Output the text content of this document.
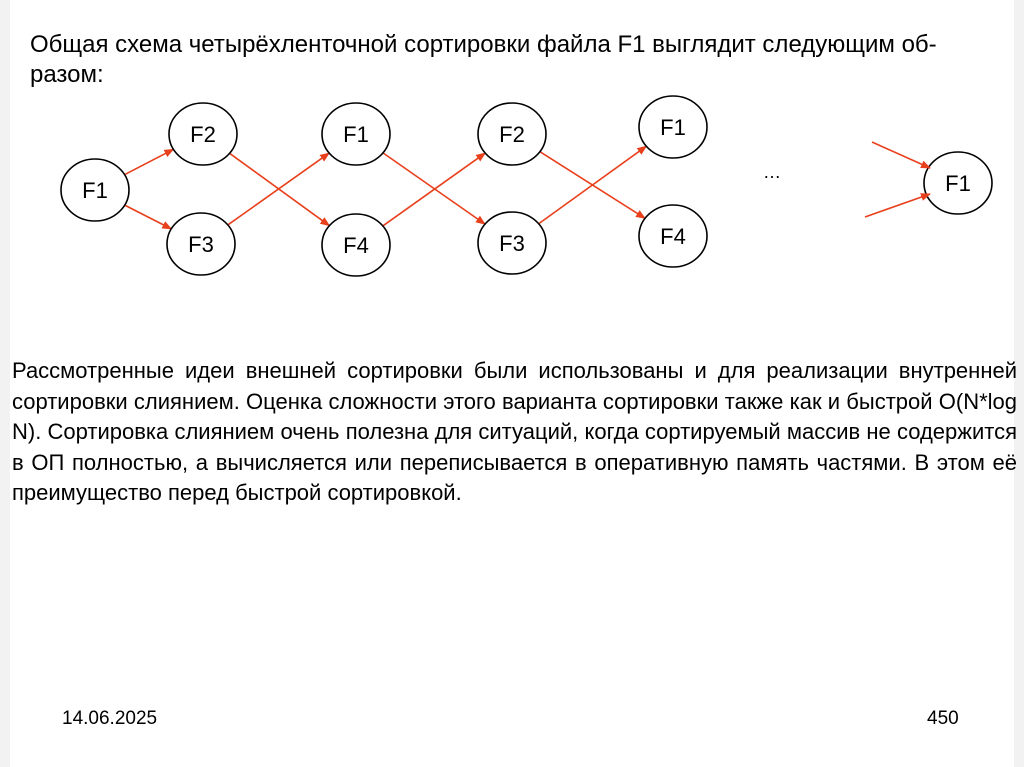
Общая схема четырёхленточной сортировки файла F1 выглядит следующим об-разом:

F1
F2
F3
F1
F4
F2
F3
F1
F4
F1
…

Рассмотренные идеи внешней сортировки были использованы и для реализации внутренней сортировки слиянием. Оценка сложности этого варианта сортировки также как и быстрой O(N*log N). Сортировка слиянием очень полезна для ситуаций, когда сортируемый массив не содержится в ОП полностью, а вычисляется или переписывается в оперативную память частями. В этом её преимущество перед быстрой сортировкой.

14.06.2025	450
